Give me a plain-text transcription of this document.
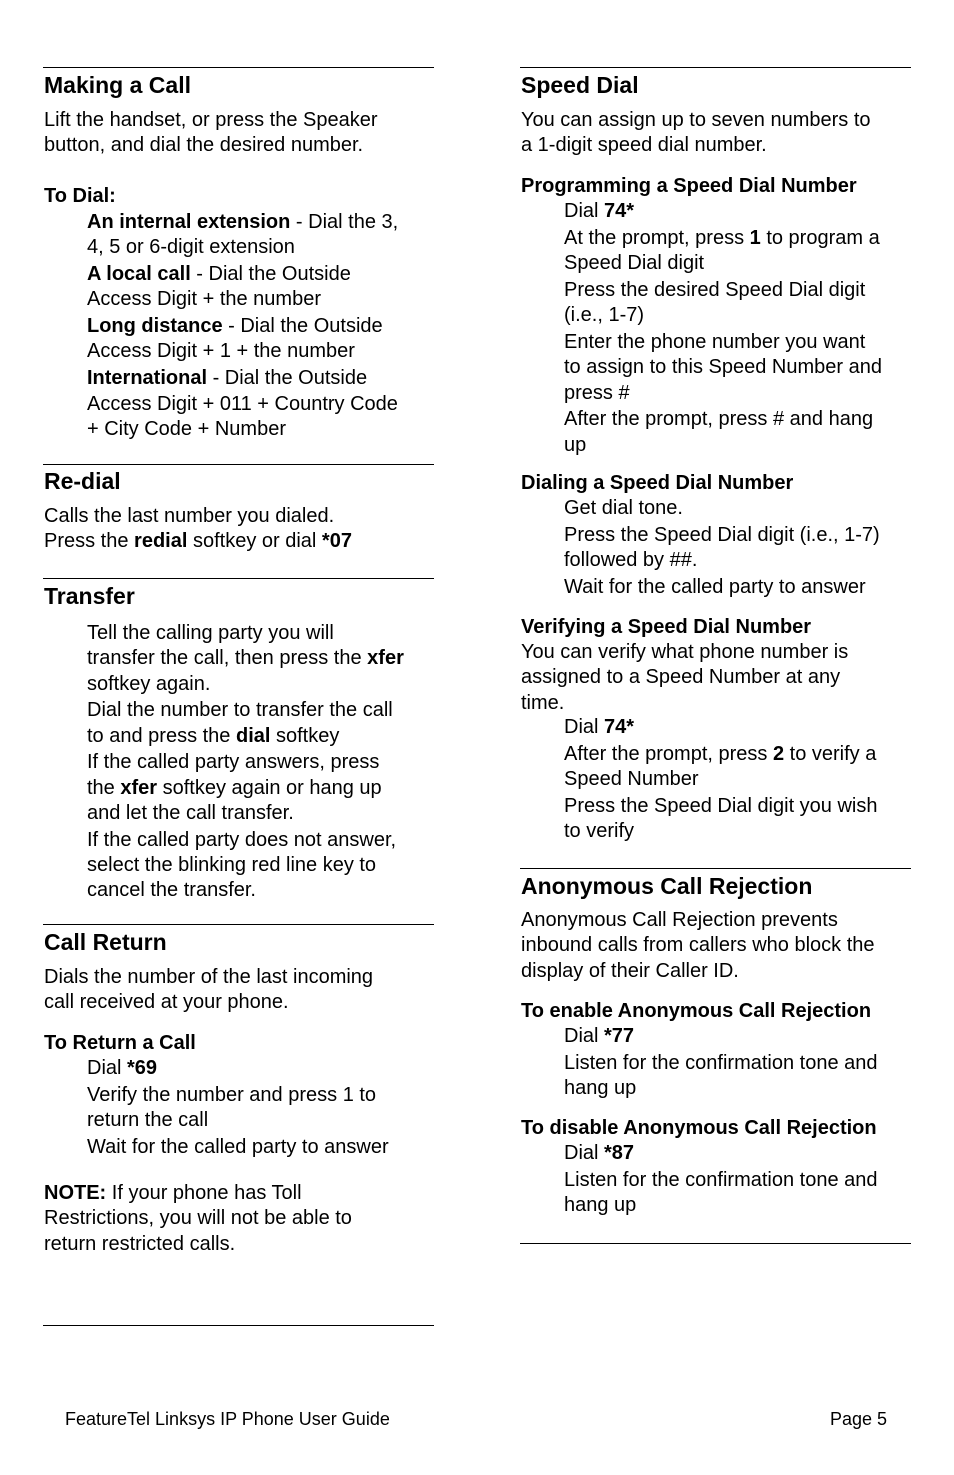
Making a Call
Lift the handset, or press the Speaker
button, and dial the desired number.
To Dial:

An internal extension - Dial the 3,
4, 5 or 6-digit extension

A local call - Dial the Outside
Access Digit + the number

Long distance - Dial the Outside
Access Digit + 1 + the number

International - Dial the Outside
Access Digit + 011 + Country Code
+ City Code + Number

Re-dial
Calls the last number you dialed.
Press the redial softkey or dial *07
Transfer

Tell the calling party you will
transfer the call, then press the xfer
softkey again.

Dial the number to transfer the call
to and press the dial softkey

If the called party answers, press
the xfer softkey again or hang up
and let the call transfer.

If the called party does not answer,
select the blinking red line key to
cancel the transfer.

Call Return
Dials the number of the last incoming
call received at your phone.
To Return a Call

Dial *69

Verify the number and press 1 to
return the call

Wait for the called party to answer

NOTE: If your phone has Toll
Restrictions, you will not be able to
return restricted calls.
Speed Dial
You can assign up to seven numbers to
a 1-digit speed dial number.
Programming a Speed Dial Number

Dial 74*

At the prompt, press 1 to program a
Speed Dial digit

Press the desired Speed Dial digit
(i.e., 1-7)

Enter the phone number you want
to assign to this Speed Number and
press #

After the prompt, press # and hang
up

Dialing a Speed Dial Number

Get dial tone.

Press the Speed Dial digit (i.e., 1-7)
followed by ##.

Wait for the called party to answer

Verifying a Speed Dial Number
You can verify what phone number is
assigned to a Speed Number at any
time.

Dial 74*

After the prompt, press 2 to verify a
Speed Number

Press the Speed Dial digit you wish
to verify

Anonymous Call Rejection
Anonymous Call Rejection prevents
inbound calls from callers who block the
display of their Caller ID.
To enable Anonymous Call Rejection

Dial *77

Listen for the confirmation tone and
hang up

To disable Anonymous Call Rejection

Dial *87

Listen for the confirmation tone and
hang up

FeatureTel Linksys IP Phone User Guide	Page 5
